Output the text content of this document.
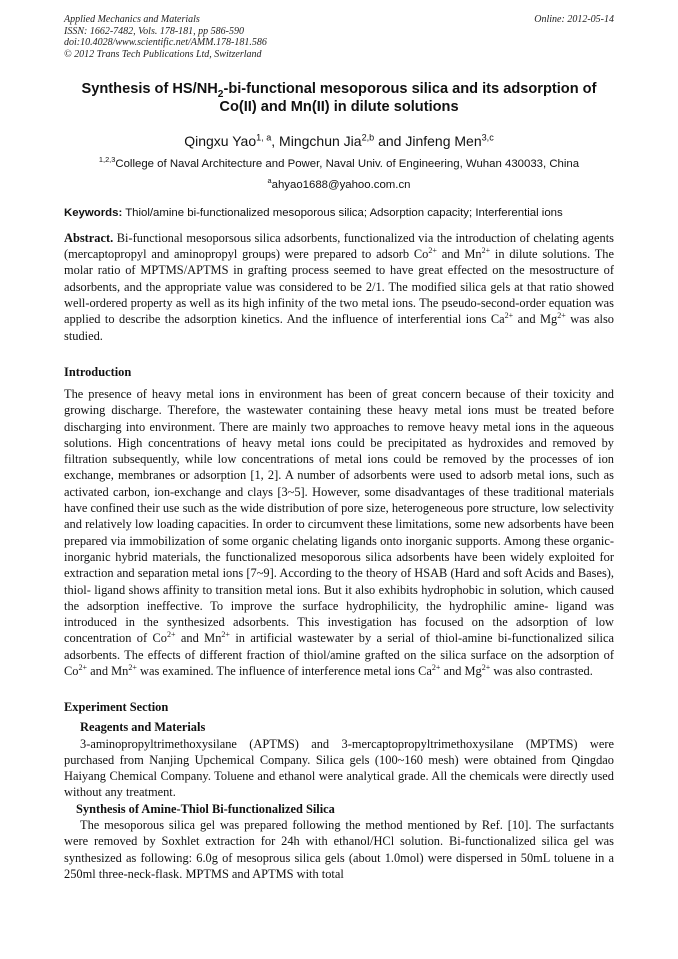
Applied Mechanics and Materials
ISSN: 1662-7482, Vols. 178-181, pp 586-590
doi:10.4028/www.scientific.net/AMM.178-181.586
© 2012 Trans Tech Publications Ltd, Switzerland
Online: 2012-05-14
Synthesis of $HS/NH_2-bi$-functional mesoporous silica and its adsorption of Co(II) and Mn(II) in dilute solutions
Qingxu Yao$^{1, a}$, Mingchun Jia$^{2,b}$ and Jinfeng Men$^{3,c}$
$^{1,2,3}$College of Naval Architecture and Power, Naval Univ. of Engineering, Wuhan 430033, China
$^a$ahyao1688@yahoo.com.cn
Keywords: Thiol/amine bi-functionalized mesoporous silica; Adsorption capacity; Interferential ions
Abstract. Bi-functional mesoporsous silica adsorbents, functionalized via the introduction of chelating agents (mercaptopropyl and aminopropyl groups) were prepared to adsorb $Co^{2+}$ and $Mn^{2+}$ in dilute solutions. The molar ratio of MPTMS/APTMS in grafting process seemed to have great effected on the mesostructure of adsorbents, and the appropriate value was considered to be 2/1. The modified silica gels at that ratio showed well-ordered property as well as its high infinity of the two metal ions. The pseudo-second-order equation was applied to describe the adsorption kinetics. And the influence of interferential ions $Ca^{2+}$ and $Mg^{2+}$ was also studied.
Introduction
The presence of heavy metal ions in environment has been of great concern because of their toxicity and growing discharge. Therefore, the wastewater containing these heavy metal ions must be treated before discharging into environment. There are mainly two approaches to remove heavy metal ions in the aqueous solutions. High concentrations of heavy metal ions could be precipitated as hydroxides and removed by filtration subsequently, while low concentrations of metal ions could be removed by the processes of ion exchange, membranes or adsorption [1, 2]. A number of adsorbents were used to adsorb metal ions, such as activated carbon, ion-exchange and clays [3~5]. However, some disadvantages of these traditional materials have confined their use such as the wide distribution of pore size, heterogeneous pore structure, low selectivity and relatively low loading capacities. In order to circumvent these limitations, some new adsorbents have been prepared via immobilization of some organic chelating ligands onto inorganic supports. Among these organic-inorganic hybrid materials, the functionalized mesoporous silica adsorbents have been widely exploited for extraction and separation metal ions [7~9]. According to the theory of HSAB (Hard and soft Acids and Bases), thiol- ligand shows affinity to transition metal ions. But it also exhibits hydrophobic in solution, which caused the adsorption ineffective. To improve the surface hydrophilicity, the hydrophilic amine- ligand was introduced in the synthesized adsorbents. This investigation has focused on the adsorption of low concentration of $Co^{2+}$ and $Mn^{2+}$ in artificial wastewater by a serial of thiol-amine bi-functionalized silica adsorbents. The effects of different fraction of thiol/amine grafted on the silica surface on the adsorption of $Co^{2+}$ and $Mn^{2+}$ was examined. The influence of interference metal ions $Ca^{2+}$ and $Mg^{2+}$ was also contrasted.
Experiment Section
Reagents and Materials
3-aminopropyltrimethoxysilane (APTMS) and 3-mercaptopropyltrimethoxysilane (MPTMS) were purchased from Nanjing Upchemical Company. Silica gels (100~160 mesh) were obtained from Qingdao Haiyang Chemical Company. Toluene and ethanol were analytical grade. All the chemicals were directly used without any treatment.
Synthesis of Amine-Thiol Bi-functionalized Silica
The mesoporous silica gel was prepared following the method mentioned by Ref. [10]. The surfactants were removed by Soxhlet extraction for 24h with ethanol/HCl solution. Bi-functionalized silica gel was synthesized as following: 6.0g of mesoprous silica gels (about 1.0mol) were dispersed in 50mL toluene in a 250ml three-neck-flask. MPTMS and APTMS with total
